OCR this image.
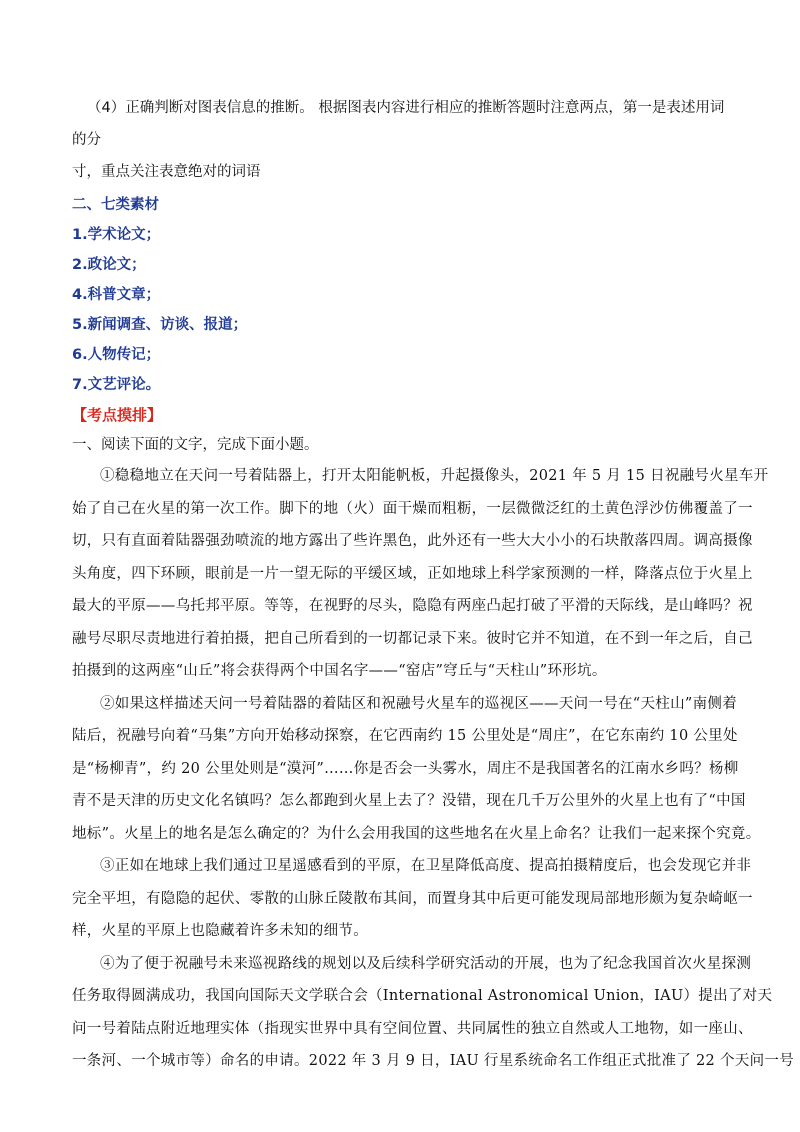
（4）正确判断对图表信息的推断。 根据图表内容进行相应的推断答题时注意两点，第一是表述用词的分
寸，重点关注表意绝对的词语

二、七类素材

1.学术论文；

2.政论文；

4.科普文章；

5.新闻调查、访谈、报道；

6.人物传记；

7.文艺评论。

【考点摸排】

一、阅读下面的文字，完成下面小题。

①稳稳地立在天问一号着陆器上，打开太阳能帆板，升起摄像头，2021 年 5 月 15 日祝融号火星车开
始了自己在火星的第一次工作。脚下的地（火）面干燥而粗粝，一层微微泛红的土黄色浮沙仿佛覆盖了一
切，只有直面着陆器强劲喷流的地方露出了些许黑色，此外还有一些大大小小的石块散落四周。调高摄像
头角度，四下环顾，眼前是一片一望无际的平缓区域，正如地球上科学家预测的一样，降落点位于火星上
最大的平原——乌托邦平原。等等，在视野的尽头，隐隐有两座凸起打破了平滑的天际线，是山峰吗？祝
融号尽职尽责地进行着拍摄，把自己所看到的一切都记录下来。彼时它并不知道，在不到一年之后，自己
拍摄到的这两座“山丘”将会获得两个中国名字——“窑店”穹丘与“天柱山”环形坑。

②如果这样描述天问一号着陆器的着陆区和祝融号火星车的巡视区——天问一号在“天柱山”南侧着
陆后，祝融号向着“马集”方向开始移动探察，在它西南约 15 公里处是“周庄”，在它东南约 10 公里处
是“杨柳青”，约 20 公里处则是“漠河”……你是否会一头雾水，周庄不是我国著名的江南水乡吗？杨柳
青不是天津的历史文化名镇吗？怎么都跑到火星上去了？没错，现在几千万公里外的火星上也有了“中国
地标”。火星上的地名是怎么确定的？为什么会用我国的这些地名在火星上命名？让我们一起来探个究竟。

③正如在地球上我们通过卫星遥感看到的平原，在卫星降低高度、提高拍摄精度后，也会发现它并非
完全平坦，有隐隐的起伏、零散的山脉丘陵散布其间，而置身其中后更可能发现局部地形颇为复杂崎岖一
样，火星的平原上也隐藏着许多未知的细节。

④为了便于祝融号未来巡视路线的规划以及后续科学研究活动的开展，也为了纪念我国首次火星探测
任务取得圆满成功，我国向国际天文学联合会（International Astronomical Union，IAU）提出了对天
问一号着陆点附近地理实体（指现实世界中具有空间位置、共同属性的独立自然或人工地物，如一座山、
一条河、一个城市等）命名的申请。2022 年 3 月 9 日，IAU 行星系统命名工作组正式批准了 22 个天问一号
